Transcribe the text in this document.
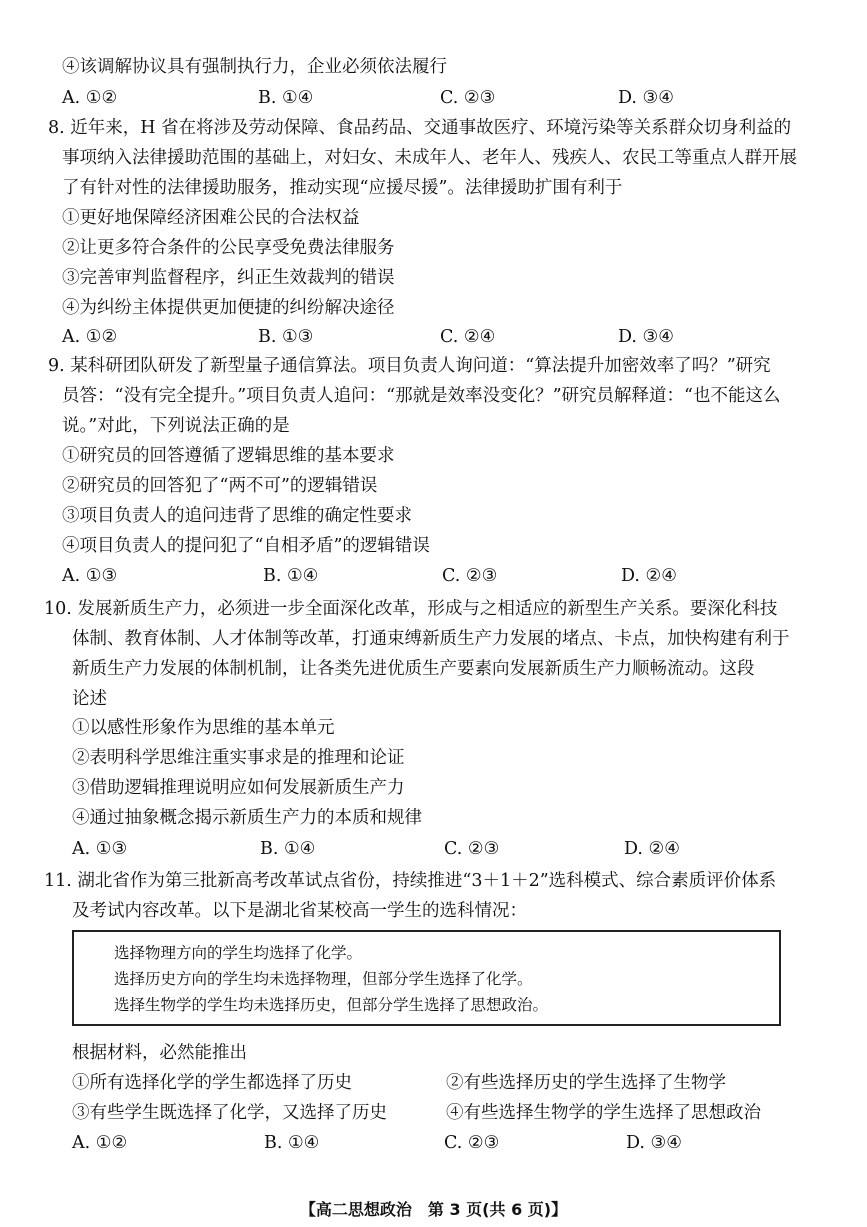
④该调解协议具有强制执行力，企业必须依法履行
A. ①②	B. ①④	C. ②③	D. ③④
8. 近年来，H 省在将涉及劳动保障、食品药品、交通事故医疗、环境污染等关系群众切身利益的
事项纳入法律援助范围的基础上，对妇女、未成年人、老年人、残疾人、农民工等重点人群开展
了有针对性的法律援助服务，推动实现“应援尽援”。法律援助扩围有利于
①更好地保障经济困难公民的合法权益
②让更多符合条件的公民享受免费法律服务
③完善审判监督程序，纠正生效裁判的错误
④为纠纷主体提供更加便捷的纠纷解决途径
A. ①②	B. ①③	C. ②④	D. ③④
9. 某科研团队研发了新型量子通信算法。项目负责人询问道：“算法提升加密效率了吗？”研究
员答：“没有完全提升。”项目负责人追问：“那就是效率没变化？”研究员解释道：“也不能这么
说。”对此，下列说法正确的是
①研究员的回答遵循了逻辑思维的基本要求
②研究员的回答犯了“两不可”的逻辑错误
③项目负责人的追问违背了思维的确定性要求
④项目负责人的提问犯了“自相矛盾”的逻辑错误
A. ①③	B. ①④	C. ②③	D. ②④
10. 发展新质生产力，必须进一步全面深化改革，形成与之相适应的新型生产关系。要深化科技
体制、教育体制、人才体制等改革，打通束缚新质生产力发展的堵点、卡点，加快构建有利于
新质生产力发展的体制机制，让各类先进优质生产要素向发展新质生产力顺畅流动。这段
论述
①以感性形象作为思维的基本单元
②表明科学思维注重实事求是的推理和论证
③借助逻辑推理说明应如何发展新质生产力
④通过抽象概念揭示新质生产力的本质和规律
A. ①③	B. ①④	C. ②③	D. ②④
11. 湖北省作为第三批新高考改革试点省份，持续推进“3＋1＋2”选科模式、综合素质评价体系
及考试内容改革。以下是湖北省某校高一学生的选科情况：
选择物理方向的学生均选择了化学。
选择历史方向的学生均未选择物理，但部分学生选择了化学。
选择生物学的学生均未选择历史，但部分学生选择了思想政治。
根据材料，必然能推出
①所有选择化学的学生都选择了历史	②有些选择历史的学生选择了生物学
③有些学生既选择了化学，又选择了历史	④有些选择生物学的学生选择了思想政治
A. ①②	B. ①④	C. ②③	D. ③④
【高二思想政治　第 3 页(共 6 页)】
